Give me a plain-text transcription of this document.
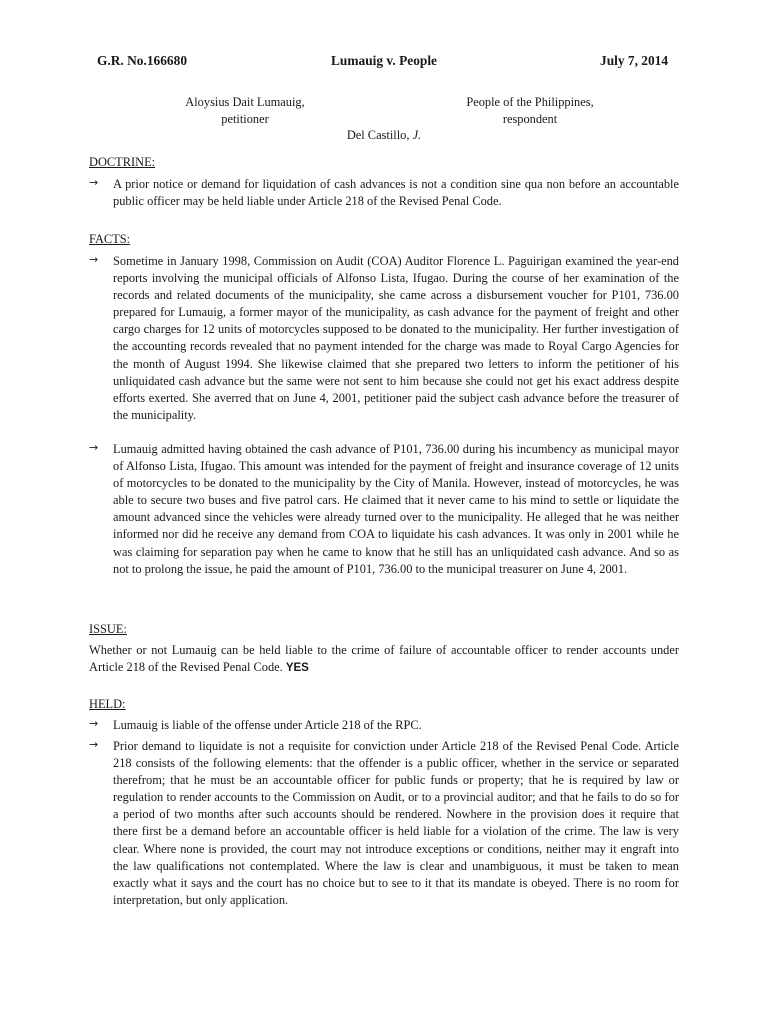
G.R. No.166680	Lumauig v. People	July 7, 2014
Aloysius Dait Lumauig,
petitioner
People of the Philippines,
respondent
Del Castillo, J.
DOCTRINE:
→	A prior notice or demand for liquidation of cash advances is not a condition sine qua non before an accountable public officer may be held liable under Article 218 of the Revised Penal Code.
FACTS:
→	Sometime in January 1998, Commission on Audit (COA) Auditor Florence L. Paguirigan examined the year-end reports involving the municipal officials of Alfonso Lista, Ifugao. During the course of her examination of the records and related documents of the municipality, she came across a disbursement voucher for P101, 736.00 prepared for Lumauig, a former mayor of the municipality, as cash advance for the payment of freight and other cargo charges for 12 units of motorcycles supposed to be donated to the municipality. Her further investigation of the accounting records revealed that no payment intended for the charge was made to Royal Cargo Agencies for the month of August 1994. She likewise claimed that she prepared two letters to inform the petitioner of his unliquidated cash advance but the same were not sent to him because she could not get his exact address despite efforts exerted. She averred that on June 4, 2001, petitioner paid the subject cash advance before the treasurer of the municipality.
→	Lumauig admitted having obtained the cash advance of P101, 736.00 during his incumbency as municipal mayor of Alfonso Lista, Ifugao. This amount was intended for the payment of freight and insurance coverage of 12 units of motorcycles to be donated to the municipality by the City of Manila. However, instead of motorcycles, he was able to secure two buses and five patrol cars. He claimed that it never came to his mind to settle or liquidate the amount advanced since the vehicles were already turned over to the municipality. He alleged that he was neither informed nor did he receive any demand from COA to liquidate his cash advances. It was only in 2001 while he was claiming for separation pay when he came to know that he still has an unliquidated cash advance. And so as not to prolong the issue, he paid the amount of P101, 736.00 to the municipal treasurer on June 4, 2001.
ISSUE:
Whether or not Lumauig can be held liable to the crime of failure of accountable officer to render accounts under Article 218 of the Revised Penal Code. YES
HELD:
→	Lumauig is liable of the offense under Article 218 of the RPC.
→	Prior demand to liquidate is not a requisite for conviction under Article 218 of the Revised Penal Code. Article 218 consists of the following elements: that the offender is a public officer, whether in the service or separated therefrom; that he must be an accountable officer for public funds or property; that he is required by law or regulation to render accounts to the Commission on Audit, or to a provincial auditor; and that he fails to do so for a period of two months after such accounts should be rendered. Nowhere in the provision does it require that there first be a demand before an accountable officer is held liable for a violation of the crime. The law is very clear. Where none is provided, the court may not introduce exceptions or conditions, neither may it engraft into the law qualifications not contemplated. Where the law is clear and unambiguous, it must be taken to mean exactly what it says and the court has no choice but to see to it that its mandate is obeyed. There is no room for interpretation, but only application.
